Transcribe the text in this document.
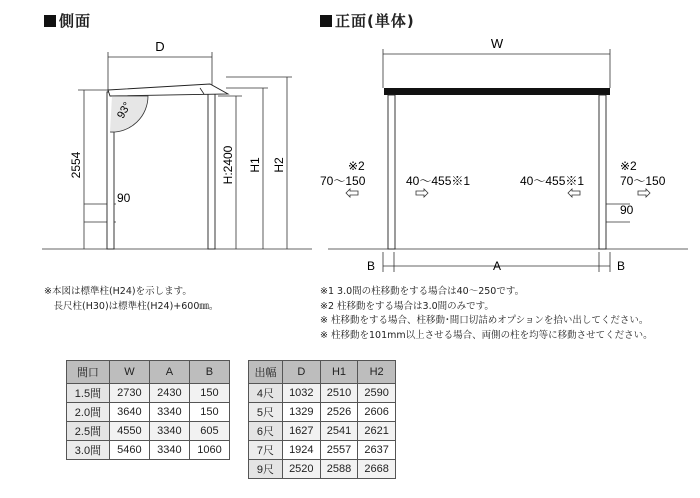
側面	正面(単体)
D
2554	H:2400 H1 H2
90
93°
W
※2
70～150	40～455※1	40～455※1
※2
70～150
90
B	A	B
※本図は標準柱(H24)を示します。
　長尺柱(H30)は標準柱(H24)+600㎜。
※1 3.0間の柱移動をする場合は40～250です。
※2 柱移動をする場合は3.0間のみです。
※ 柱移動をする場合、柱移動･間口切詰めオプションを拾い出してください。
※ 柱移動を101mm以上させる場合、両側の柱を均等に移動させてください。
間口	W	A	B
1.5間	2730	2430	150
2.0間	3640	3340	150
2.5間	4550	3340	605
3.0間	5460	3340	1060
出幅	D	H1	H2
4尺	1032	2510	2590
5尺	1329	2526	2606
6尺	1627	2541	2621
7尺	1924	2557	2637
9尺	2520	2588	2668
